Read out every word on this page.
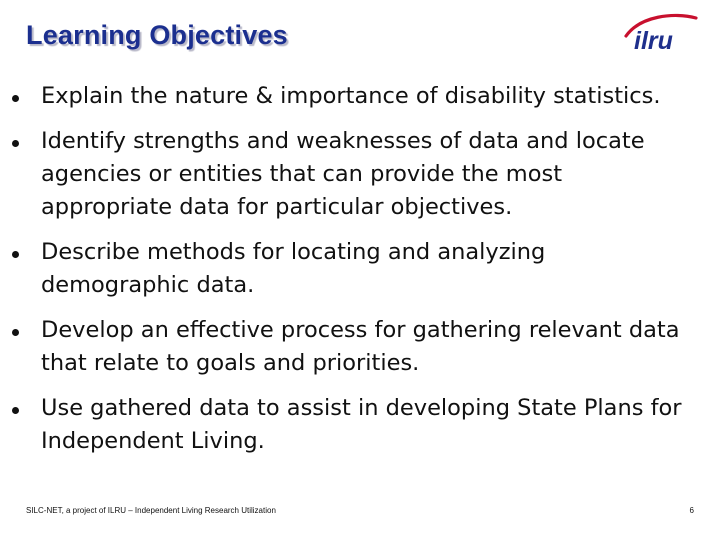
Learning Objectives	ilru
Explain the nature & importance of disability statistics.
Identify strengths and weaknesses of data and locate agencies or entities that can provide the most appropriate data for particular objectives.
Describe methods for locating and analyzing demographic data.
Develop an effective process for gathering relevant data that relate to goals and priorities.
Use gathered data to assist in developing State Plans for Independent Living.
SILC-NET, a project of ILRU – Independent Living Research Utilization	6
